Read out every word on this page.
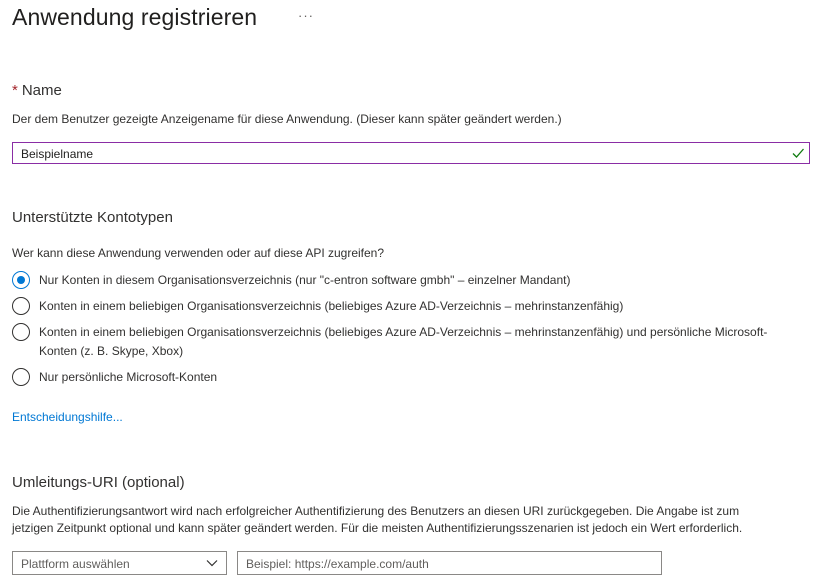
Anwendung registrieren	···
* Name
Der dem Benutzer gezeigte Anzeigename für diese Anwendung. (Dieser kann später geändert werden.)
Beispielname
Unterstützte Kontotypen
Wer kann diese Anwendung verwenden oder auf diese API zugreifen?
Nur Konten in diesem Organisationsverzeichnis (nur "c-entron software gmbh" – einzelner Mandant)
Konten in einem beliebigen Organisationsverzeichnis (beliebiges Azure AD-Verzeichnis – mehrinstanzenfähig)
Konten in einem beliebigen Organisationsverzeichnis (beliebiges Azure AD-Verzeichnis – mehrinstanzenfähig) und persönliche Microsoft-Konten (z. B. Skype, Xbox)
Nur persönliche Microsoft-Konten
Entscheidungshilfe...
Umleitungs-URI (optional)
Die Authentifizierungsantwort wird nach erfolgreicher Authentifizierung des Benutzers an diesen URI zurückgegeben. Die Angabe ist zum
jetzigen Zeitpunkt optional und kann später geändert werden. Für die meisten Authentifizierungsszenarien ist jedoch ein Wert erforderlich.
Plattform auswählen	Beispiel: https://example.com/auth
